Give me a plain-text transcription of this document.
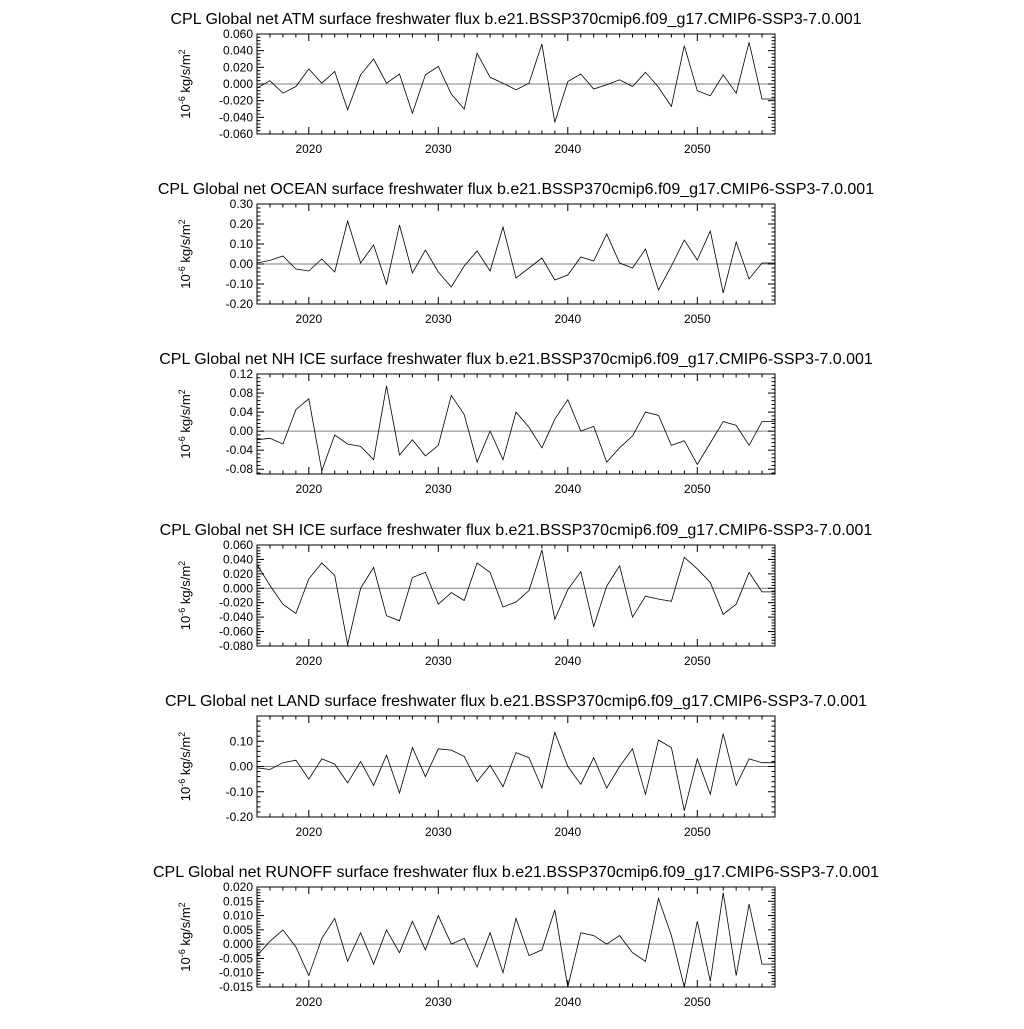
CPL Global net ATM surface freshwater flux b.e21.BSSP370cmip6.f09_g17.CMIP6-SSP3-7.0.001
2020	2030	2040	2050
-0.060
-0.040
-0.020
0.000
0.020
0.040
0.060
$10^{-6}$ $kg/s/m^2$
CPL Global net OCEAN surface freshwater flux b.e21.BSSP370cmip6.f09_g17.CMIP6-SSP3-7.0.001
2020	2030	2040	2050
-0.20
-0.10
0.00
0.10
0.20
0.30
$10^{-6}$ $kg/s/m^2$
CPL Global net NH ICE surface freshwater flux b.e21.BSSP370cmip6.f09_g17.CMIP6-SSP3-7.0.001
2020	2030	2040	2050
-0.08
-0.04
0.00
0.04
0.08
0.12
$10^{-6}$ $kg/s/m^2$
CPL Global net SH ICE surface freshwater flux b.e21.BSSP370cmip6.f09_g17.CMIP6-SSP3-7.0.001
2020	2030	2040	2050
-0.080
-0.060
-0.040
-0.020
0.000
0.020
0.040
0.060
$10^{-6}$ $kg/s/m^2$
CPL Global net LAND surface freshwater flux b.e21.BSSP370cmip6.f09_g17.CMIP6-SSP3-7.0.001
2020	2030	2040	2050
-0.20
-0.10
0.00
0.10
$10^{-6}$ $kg/s/m^2$
CPL Global net RUNOFF surface freshwater flux b.e21.BSSP370cmip6.f09_g17.CMIP6-SSP3-7.0.001
2020	2030	2040	2050
-0.015
-0.010
-0.005
0.000
0.005
0.010
0.015
0.020
$10^{-6}$ $kg/s/m^2$
